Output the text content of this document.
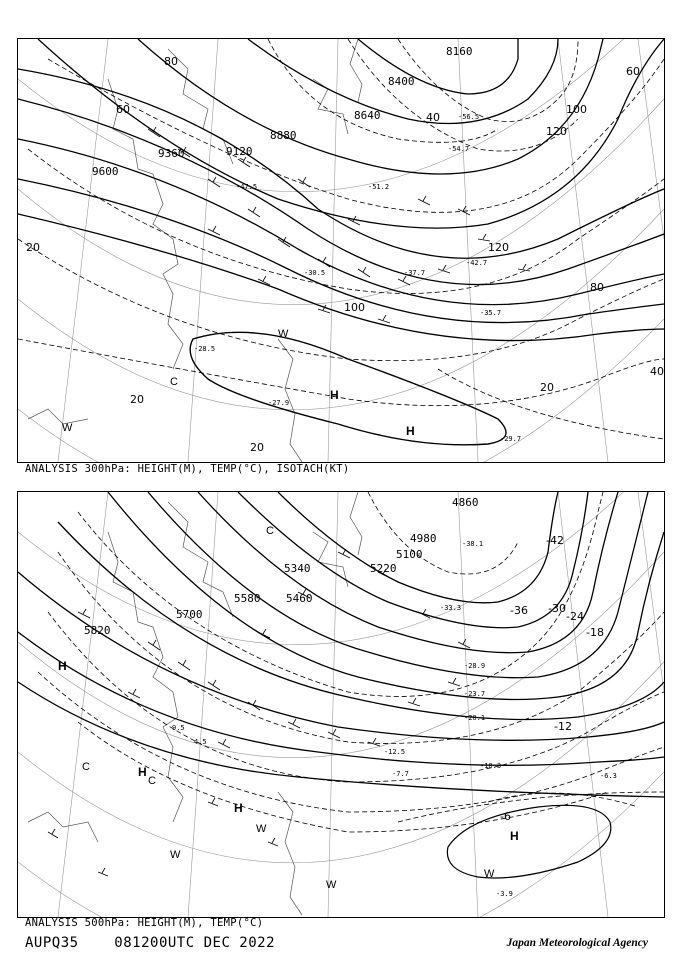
8160
8400
8640
8880
9120
9360
9600
20
20
20
20
40
40
60
60
80
80
100
100
120
120
-56.5
-54.7
-51.2
-47.5
-42.7
-37.7
-35.7
-30.5
-28.5
-29.7
-27.9
H
H
C
W
W
ANALYSIS 300hPa: HEIGHT(M), TEMP(°C), ISOTACH(KT)
4860
4980
5100
5220
5340
5460
5580
5700
5820
-42
-36 -30
-24
-18
-12
-6
-38.1
-33.3
-28.9
-23.7
-20.1
-12.5
-10.3
-7.7	-6.3
-3.9
4.5
9.5
H
H
H
H
C
C
C
W
W
W
W
ANALYSIS 500hPa: HEIGHT(M), TEMP(°C)
AUPQ35	081200UTC DEC 2022	Japan Meteorological Agency
